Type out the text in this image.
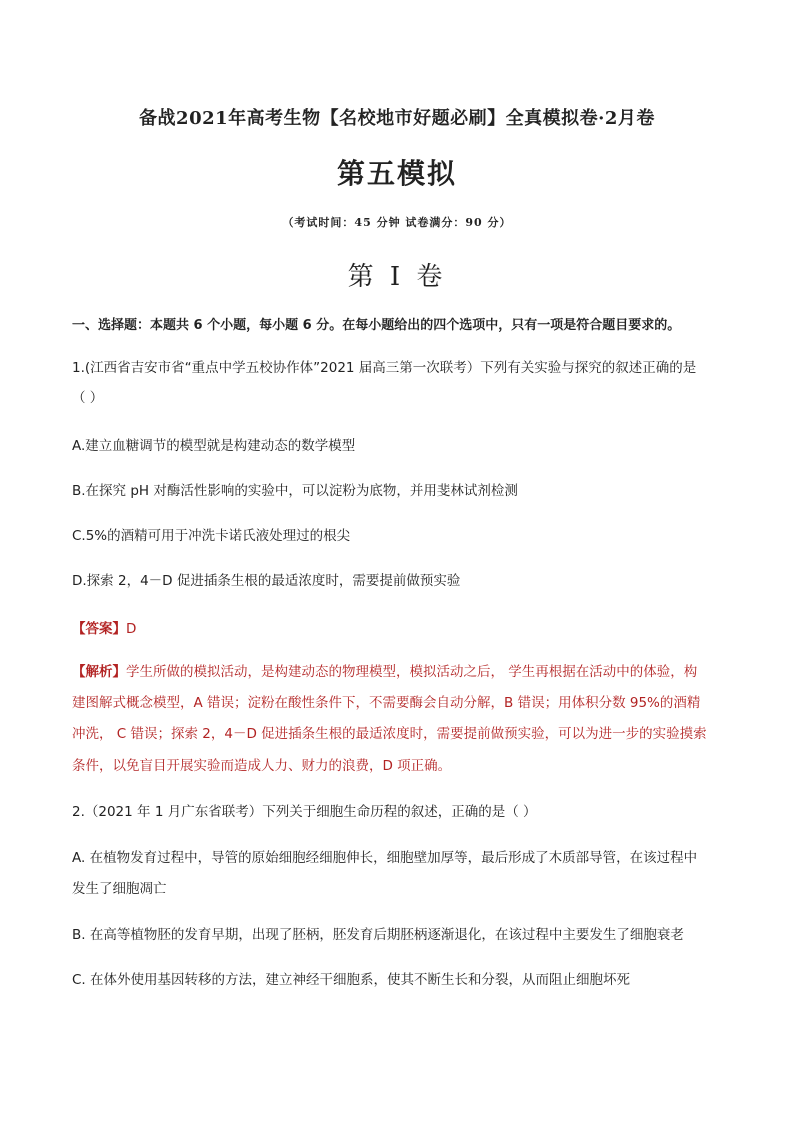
备战2021年高考生物【名校地市好题必刷】全真模拟卷·2月卷
第五模拟
（考试时间：45 分钟 试卷满分：90 分）
第 I 卷
一、选择题：本题共 6 个小题，每小题 6 分。在每小题给出的四个选项中，只有一项是符合题目要求的。
1.(江西省吉安市省“重点中学五校协作体”2021 届高三第一次联考）下列有关实验与探究的叙述正确的是
（ ）
A.建立血糖调节的模型就是构建动态的数学模型
B.在探究 pH 对酶活性影响的实验中，可以淀粉为底物，并用斐林试剂检测
C.5%的酒精可用于冲洗卡诺氏液处理过的根尖
D.探索 2，4－D 促进插条生根的最适浓度时，需要提前做预实验
【答案】D
【解析】学生所做的模拟活动，是构建动态的物理模型，模拟活动之后， 学生再根据在活动中的体验，构
建图解式概念模型，A 错误；淀粉在酸性条件下，不需要酶会自动分解，B 错误；用体积分数 95%的酒精
冲洗， C 错误；探索 2，4－D 促进插条生根的最适浓度时，需要提前做预实验，可以为进一步的实验摸索
条件，以免盲目开展实验而造成人力、财力的浪费，D 项正确。
2.（2021 年 1 月广东省联考）下列关于细胞生命历程的叙述，正确的是（ ）
A. 在植物发育过程中，导管的原始细胞经细胞伸长，细胞壁加厚等，最后形成了木质部导管，在该过程中
发生了细胞凋亡
B. 在高等植物胚的发育早期，出现了胚柄，胚发育后期胚柄逐渐退化，在该过程中主要发生了细胞衰老
C. 在体外使用基因转移的方法，建立神经干细胞系，使其不断生长和分裂，从而阻止细胞坏死
